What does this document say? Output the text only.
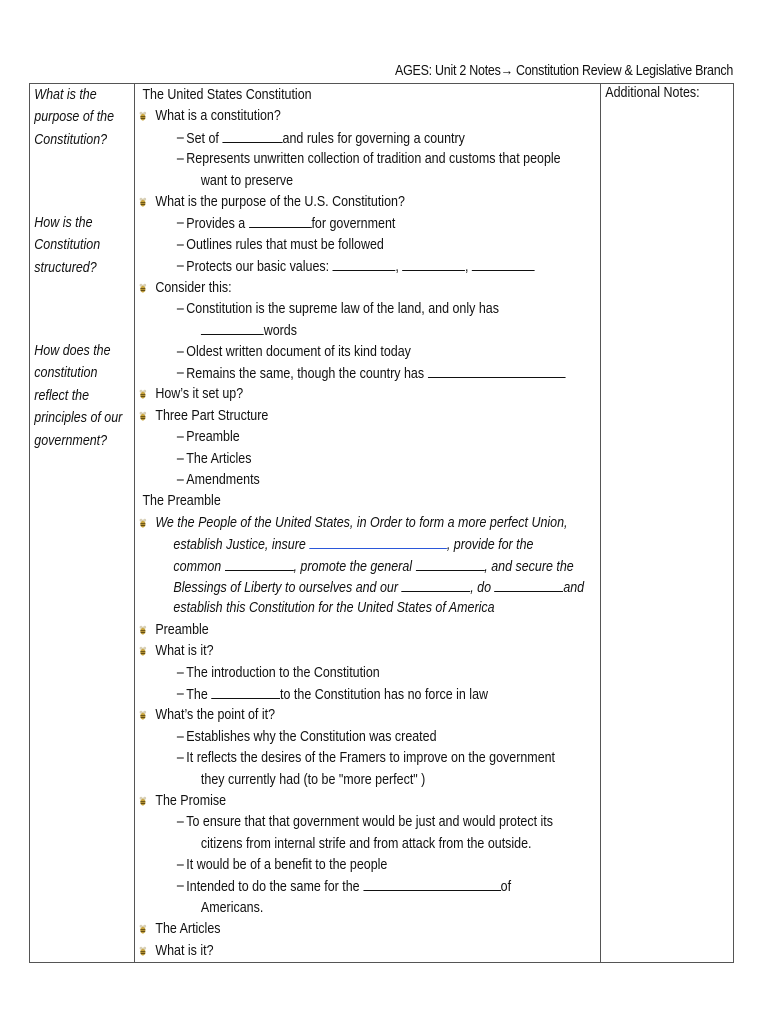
AGES: Unit 2 Notes→ Constitution Review & Legislative Branch
What is the
purpose of the
Constitution?
How is the
Constitution
structured?
How does the
constitution
reflect the
principles of our
government?

The United States Constitution
What is a constitution?
– Set of	and rules for governing a country
– Represents unwritten collection of tradition and customs that people
want to preserve
What is the purpose of the U.S. Constitution?
– Provides a	for government
– Outlines rules that must be followed
– Protects our basic values:	,	,
Consider this:
– Constitution is the supreme law of the land, and only has
words
– Oldest written document of its kind today
– Remains the same, though the country has
How’s it set up?
Three Part Structure
– Preamble
– The Articles
– Amendments
The Preamble
We the People of the United States, in Order to form a more perfect Union,
establish Justice, insure	, provide for the
common	, promote the general	, and secure the
Blessings of Liberty to ourselves and our	, do	and
establish this Constitution for the United States of America
Preamble
What is it?
– The introduction to the Constitution
– The	to the Constitution has no force in law
What’s the point of it?
– Establishes why the Constitution was created
– It reflects the desires of the Framers to improve on the government
they currently had (to be "more perfect" )
The Promise
– To ensure that that government would be just and would protect its
citizens from internal strife and from attack from the outside.
– It would be of a benefit to the people
– Intended to do the same for the	of
Americans.
The Articles
What is it?

Additional Notes:
